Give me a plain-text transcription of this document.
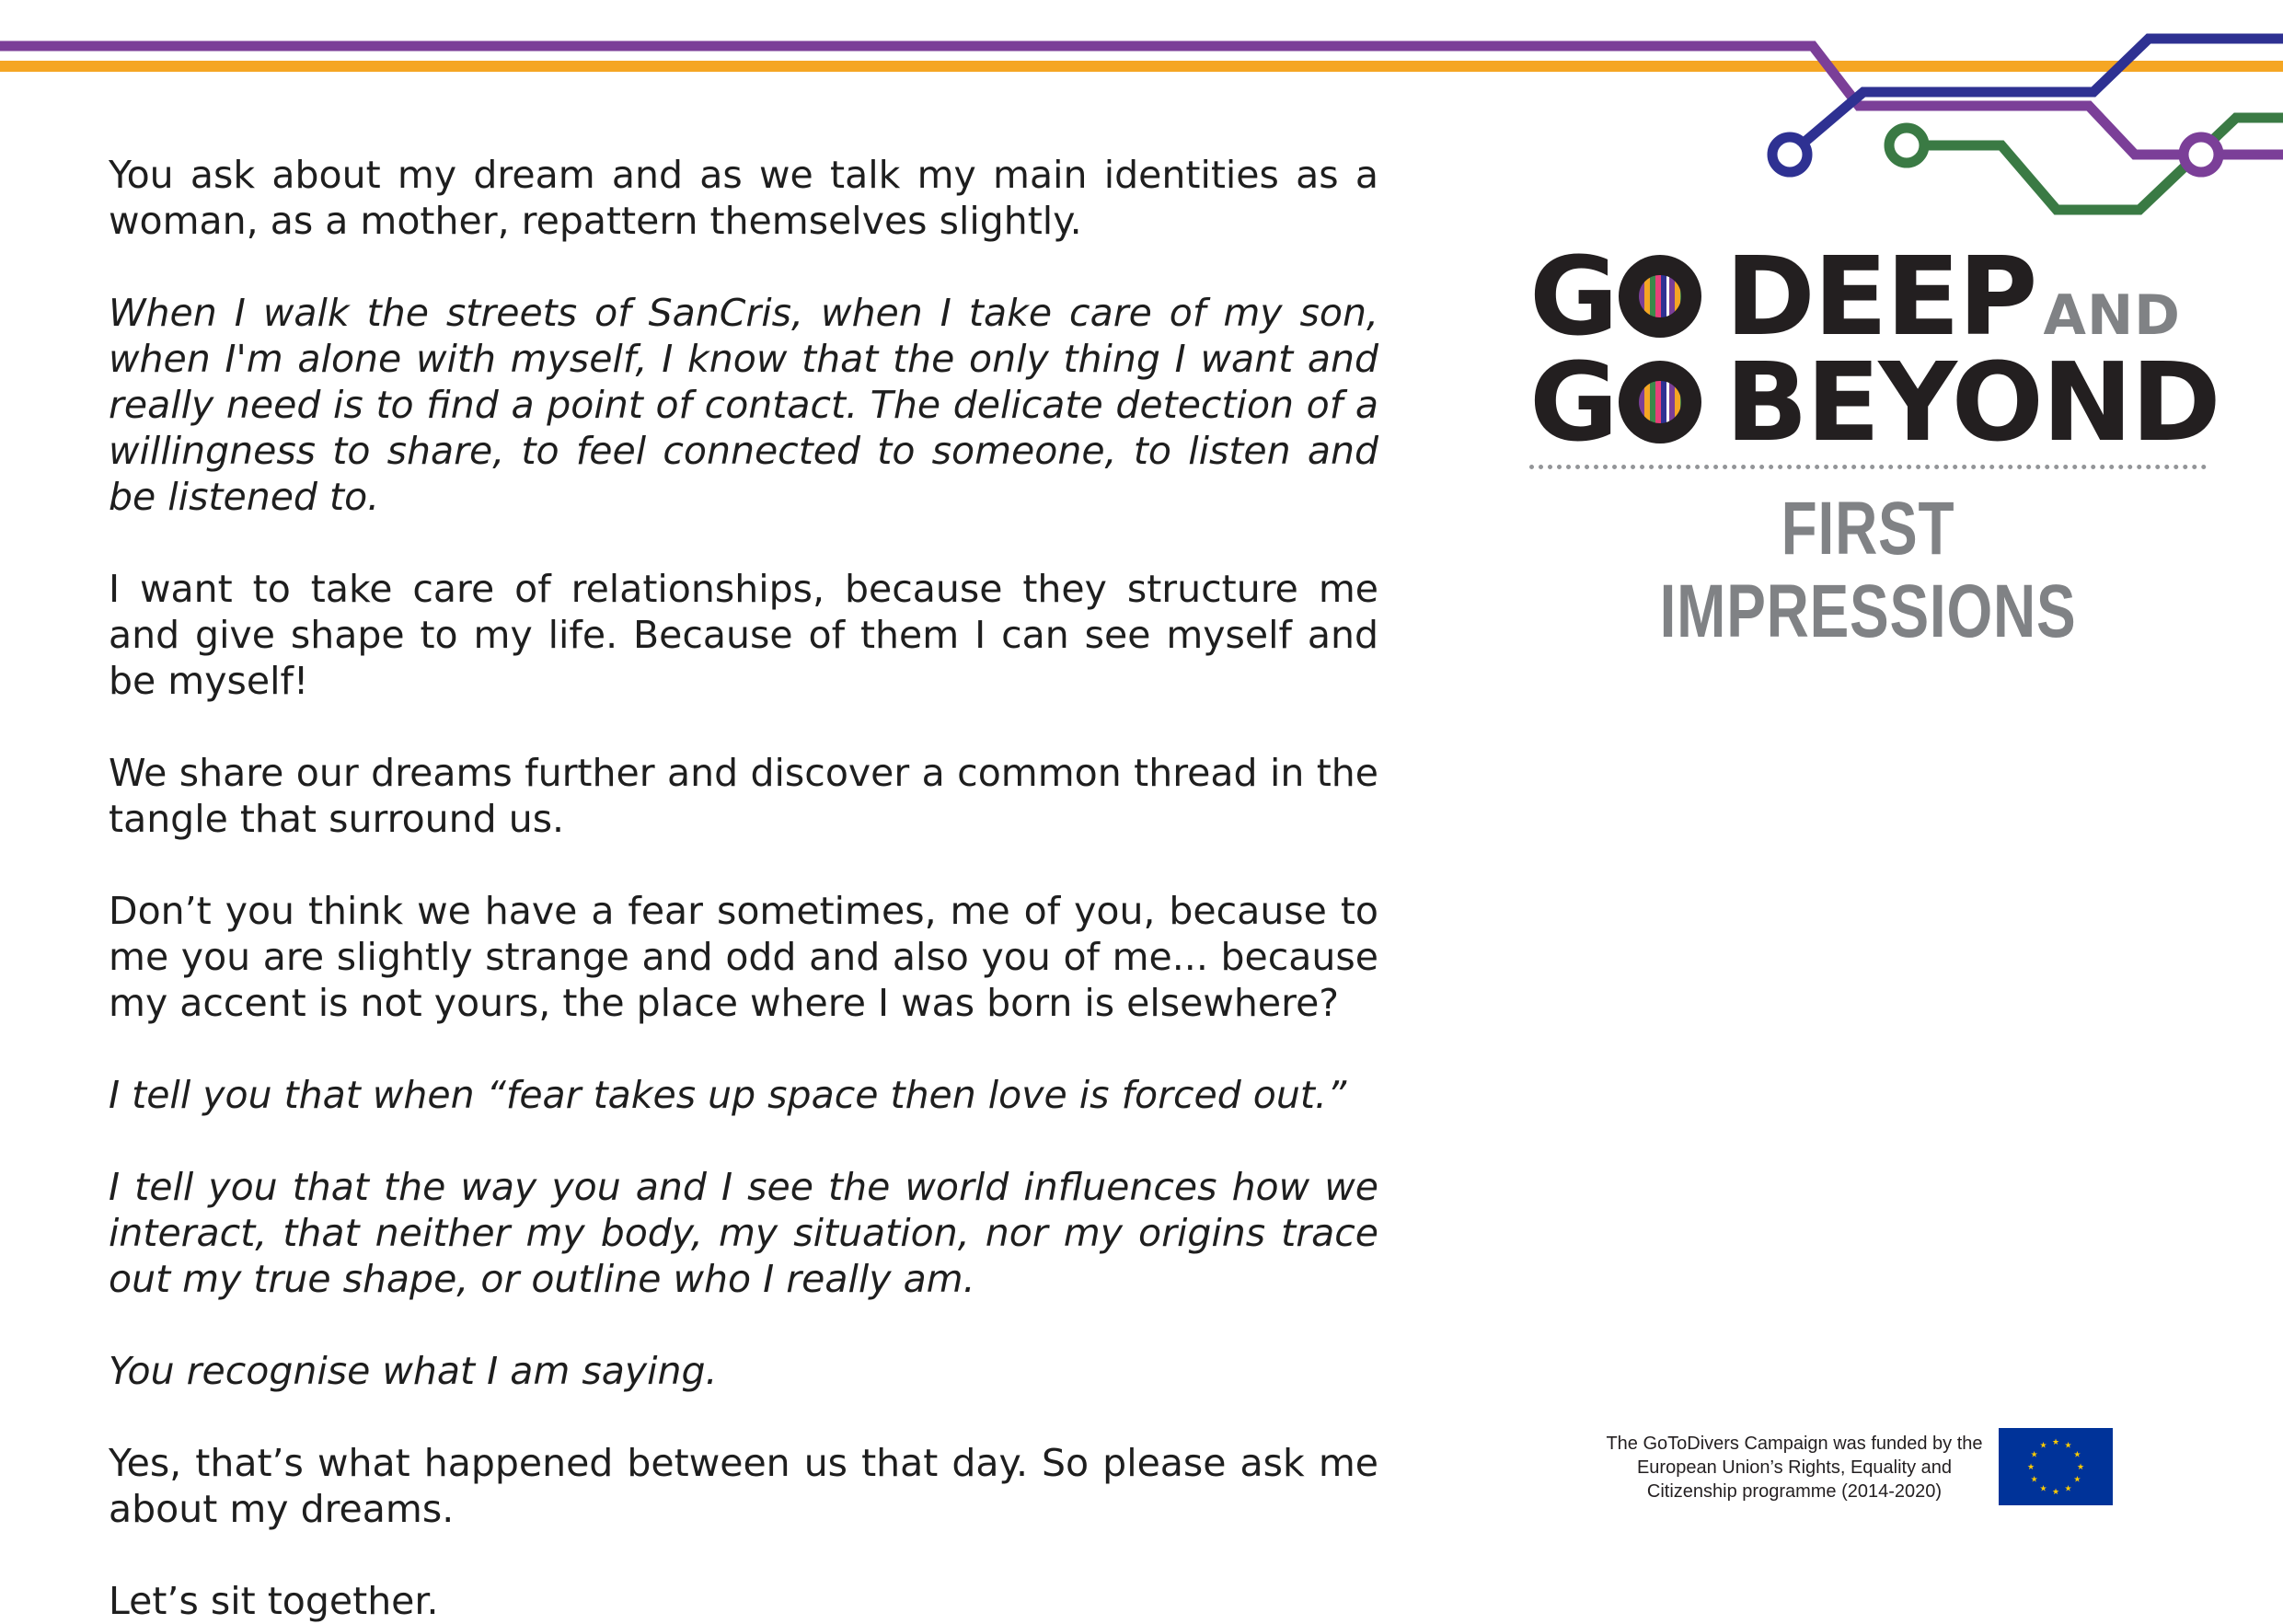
You ask about my dream and as we talk my main identities as a woman, as a mother, repattern themselves slightly.

When I walk the streets of SanCris, when I take care of my son, when I'm alone with myself, I know that the only thing I want and really need is to find a point of contact. The delicate detection of a willingness to share, to feel connected to someone, to listen and be listened to.

I want to take care of relationships, because they structure me and give shape to my life. Because of them I can see myself and be myself!

We share our dreams further and discover a common thread in the tangle that surround us.

Don’t you think we have a fear sometimes, me of you, because to me you are slightly strange and odd and also you of me... because my accent is not yours, the place where I was born is elsewhere?

I tell you that when “fear takes up space then love is forced out.”

I tell you that the way you and I see the world influences how we interact, that neither my body, my situation, nor my origins trace out my true shape, or outline who I really am.

You recognise what I am saying.

Yes, that’s what happened between us that day. So please ask me about my dreams.

Let’s sit together.

G DEEP AND
G BEYOND
FIRST IMPRESSIONS
The GoToDivers Campaign was funded by the European Union’s Rights, Equality and Citizenship programme (2014-2020)
★
★
★
★
★
★
★
★
★ ★ ★
★
